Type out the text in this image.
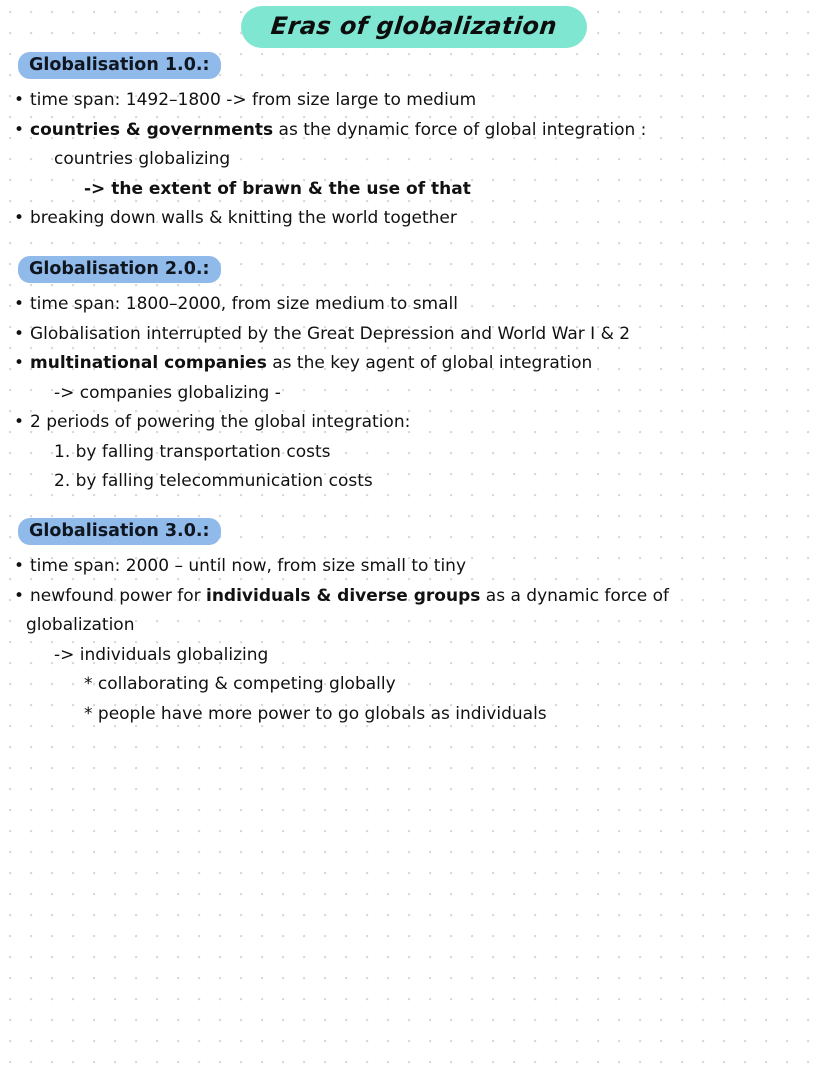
Eras of globalization
Globalisation 1.0.:
• time span: 1492–1800 -> from size large to medium
• countries & governments as the dynamic force of global integration :
countries globalizing
-> the extent of brawn & the use of that
• breaking down walls & knitting the world together
Globalisation 2.0.:
• time span: 1800–2000, from size medium to small
• Globalisation interrupted by the Great Depression and World War I & 2
• multinational companies as the key agent of global integration
-> companies globalizing -
• 2 periods of powering the global integration:
1. by falling transportation costs
2. by falling telecommunication costs
Globalisation 3.0.:
• time span: 2000 – until now, from size small to tiny
• newfound power for individuals & diverse groups as a dynamic force of
globalization
-> individuals globalizing
* collaborating & competing globally
* people have more power to go globals as individuals
